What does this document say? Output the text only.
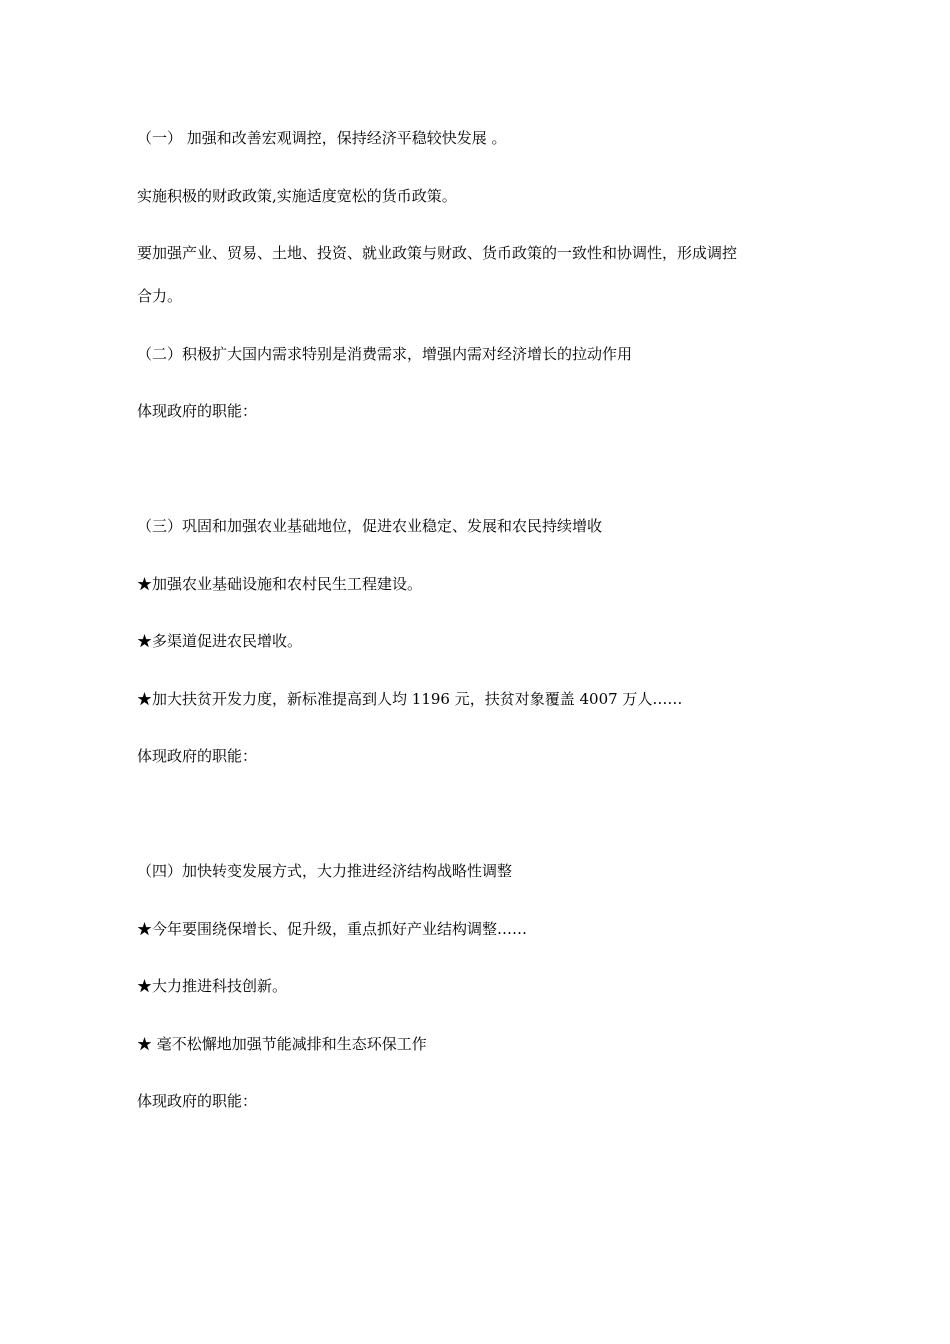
（一） 加强和改善宏观调控，保持经济平稳较快发展 。
实施积极的财政政策,实施适度宽松的货币政策。
要加强产业、贸易、土地、投资、就业政策与财政、货币政策的一致性和协调性，形成调控
合力。
（二）积极扩大国内需求特别是消费需求，增强内需对经济增长的拉动作用
体现政府的职能：
（三）巩固和加强农业基础地位，促进农业稳定、发展和农民持续增收
★加强农业基础设施和农村民生工程建设。
★多渠道促进农民增收。
★加大扶贫开发力度，新标准提高到人均 1196 元，扶贫对象覆盖 4007 万人……
体现政府的职能：
（四）加快转变发展方式，大力推进经济结构战略性调整
★今年要围绕保增长、促升级，重点抓好产业结构调整……
★大力推进科技创新。
★ 毫不松懈地加强节能减排和生态环保工作
体现政府的职能：
